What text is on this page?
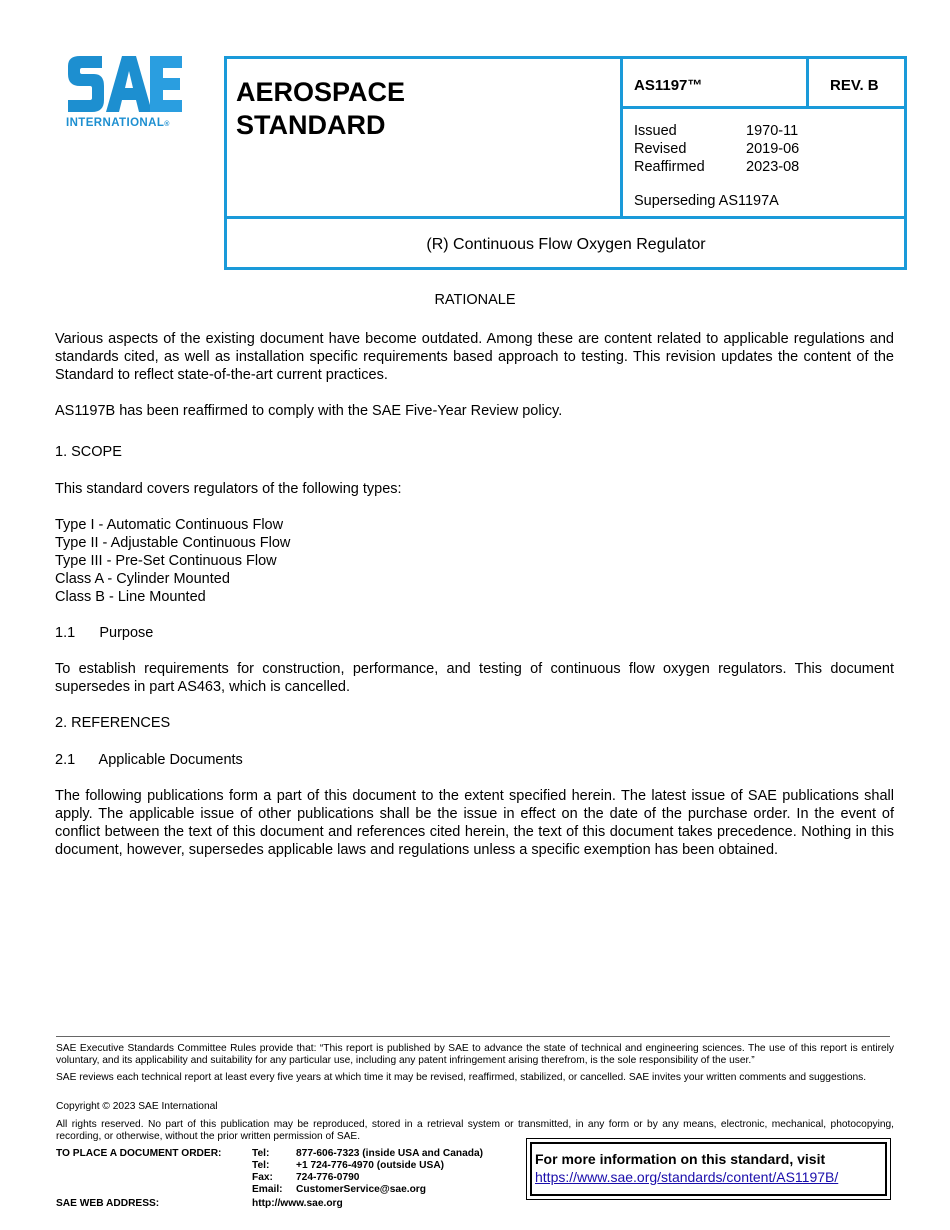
INTERNATIONAL®
AEROSPACE
STANDARD
AS1197™	REV. B
Issued	1970-11
Revised	2019-06
Reaffirmed	2023-08
Superseding AS1197A
(R) Continuous Flow Oxygen Regulator
RATIONALE
Various aspects of the existing document have become outdated. Among these are content related to applicable regulations and standards cited, as well as installation specific requirements based approach to testing. This revision updates the content of the Standard to reflect state-of-the-art current practices.
AS1197B has been reaffirmed to comply with the SAE Five-Year Review policy.
1. SCOPE
This standard covers regulators of the following types:
Type I - Automatic Continuous Flow
Type II - Adjustable Continuous Flow
Type III - Pre-Set Continuous Flow
Class A - Cylinder Mounted
Class B - Line Mounted
1.1      Purpose
To establish requirements for construction, performance, and testing of continuous flow oxygen regulators. This document supersedes in part AS463, which is cancelled.
2. REFERENCES
2.1      Applicable Documents
The following publications form a part of this document to the extent specified herein. The latest issue of SAE publications shall apply. The applicable issue of other publications shall be the issue in effect on the date of the purchase order. In the event of conflict between the text of this document and references cited herein, the text of this document takes precedence. Nothing in this document, however, supersedes applicable laws and regulations unless a specific exemption has been obtained.
SAE Executive Standards Committee Rules provide that: “This report is published by SAE to advance the state of technical and engineering sciences. The use of this report is entirely voluntary, and its applicability and suitability for any particular use, including any patent infringement arising therefrom, is the sole responsibility of the user.”
SAE reviews each technical report at least every five years at which time it may be revised, reaffirmed, stabilized, or cancelled. SAE invites your written comments and suggestions.
Copyright © 2023 SAE International
All rights reserved. No part of this publication may be reproduced, stored in a retrieval system or transmitted, in any form or by any means, electronic, mechanical, photocopying, recording, or otherwise, without the prior written permission of SAE.
TO PLACE A DOCUMENT ORDER:	Tel:	877-606-7323 (inside USA and Canada)
Tel:	+1 724-776-4970 (outside USA)
Fax: 724-776-0790
Email: CustomerService@sae.org
SAE WEB ADDRESS:	http://www.sae.org
For more information on this standard, visit
https://www.sae.org/standards/content/AS1197B/
